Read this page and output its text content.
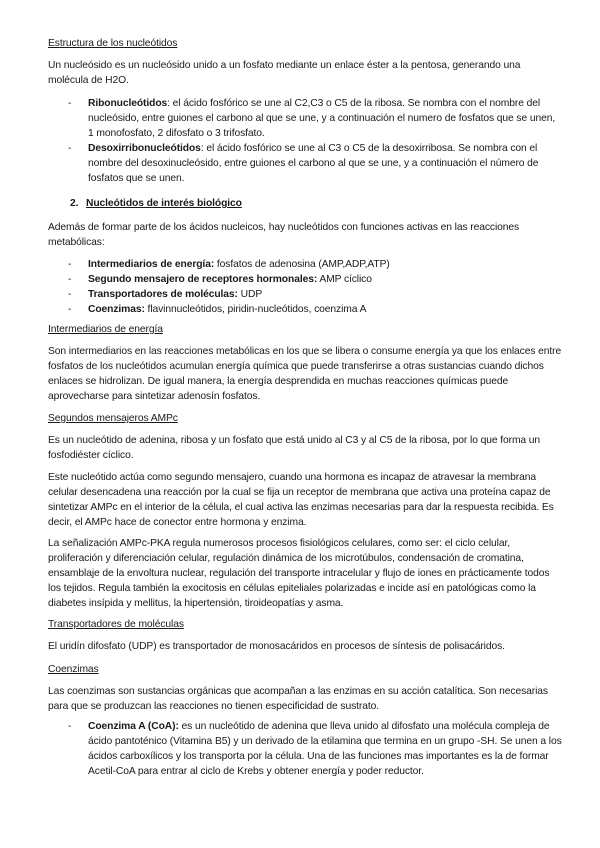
Estructura de los nucleótidos

Un nucleósido es un nucleósido unido a un fosfato mediante un enlace éster a la pentosa, generando una molécula de H2O.

- Ribonucleótidos: el ácido fosfórico se une al C2,C3 o C5 de la ribosa. Se nombra con el nombre del nucleósido, entre guiones el carbono al que se une, y a continuación el numero de fosfatos que se unen, 1 monofosfato, 2 difosfato o 3 trifosfato.
- Desoxirribonucleótidos: el ácido fosfórico se une al C3 o C5 de la desoxirribosa. Se nombra con el nombre del desoxinucleósido, entre guiones el carbono al que se une, y a continuación el número de fosfatos que se unen.

2. Nucleótidos de interés biológico

Además de formar parte de los ácidos nucleicos, hay nucleótidos con funciones activas en las reacciones metabólicas:

- Intermediarios de energía: fosfatos de adenosina (AMP,ADP,ATP)
- Segundo mensajero de receptores hormonales: AMP cíclico
- Transportadores de moléculas: UDP
- Coenzimas: flavinnucleótidos, piridin-nucleótidos, coenzima A

Intermediarios de energía

Son intermediarios en las reacciones metabólicas en los que se libera o consume energía ya que los enlaces entre fosfatos de los nucleótidos acumulan energía química que puede transferirse a otras sustancias cuando dichos enlaces se hidrolizan. De igual manera, la energía desprendida en muchas reacciones químicas puede aprovecharse para sintetizar adenosín fosfatos.

Segundos mensajeros AMPc

Es un nucleótido de adenina, ribosa y un fosfato que está unido al C3 y al C5 de la ribosa, por lo que forma un fosfodiéster cíclico.

Este nucleótido actúa como segundo mensajero, cuando una hormona es incapaz de atravesar la membrana celular desencadena una reacción por la cual se fija un receptor de membrana que activa una proteína capaz de sintetizar AMPc en el interior de la célula, el cual activa las enzimas necesarias para dar la respuesta recibida. Es decir, el AMPc hace de conector entre hormona y enzima.

La señalización AMPc-PKA regula numerosos procesos fisiológicos celulares, como ser: el ciclo celular, proliferación y diferenciación celular, regulación dinámica de los microtúbulos, condensación de cromatina, ensamblaje de la envoltura nuclear, regulación del transporte intracelular y flujo de iones en prácticamente todos los tejidos. Regula también la exocitosis en células epiteliales polarizadas e incide así en patológicas como la diabetes insípida y mellitus, la hipertensión, tiroideopatías y asma.

Transportadores de moléculas

El uridín difosfato (UDP) es transportador de monosacáridos en procesos de síntesis de polisacáridos.

Coenzimas

Las coenzimas son sustancias orgánicas que acompañan a las enzimas en su acción catalítica. Son necesarias para que se produzcan las reacciones no tienen especificidad de sustrato.

- Coenzima A (CoA): es un nucleótido de adenina que lleva unido al difosfato una molécula compleja de ácido pantoténico (Vitamina B5) y un derivado de la etilamina que termina en un grupo -SH. Se unen a los ácidos carboxílicos y los transporta por la célula. Una de las funciones mas importantes es la de formar Acetil-CoA para entrar al ciclo de Krebs y obtener energía y poder reductor.
